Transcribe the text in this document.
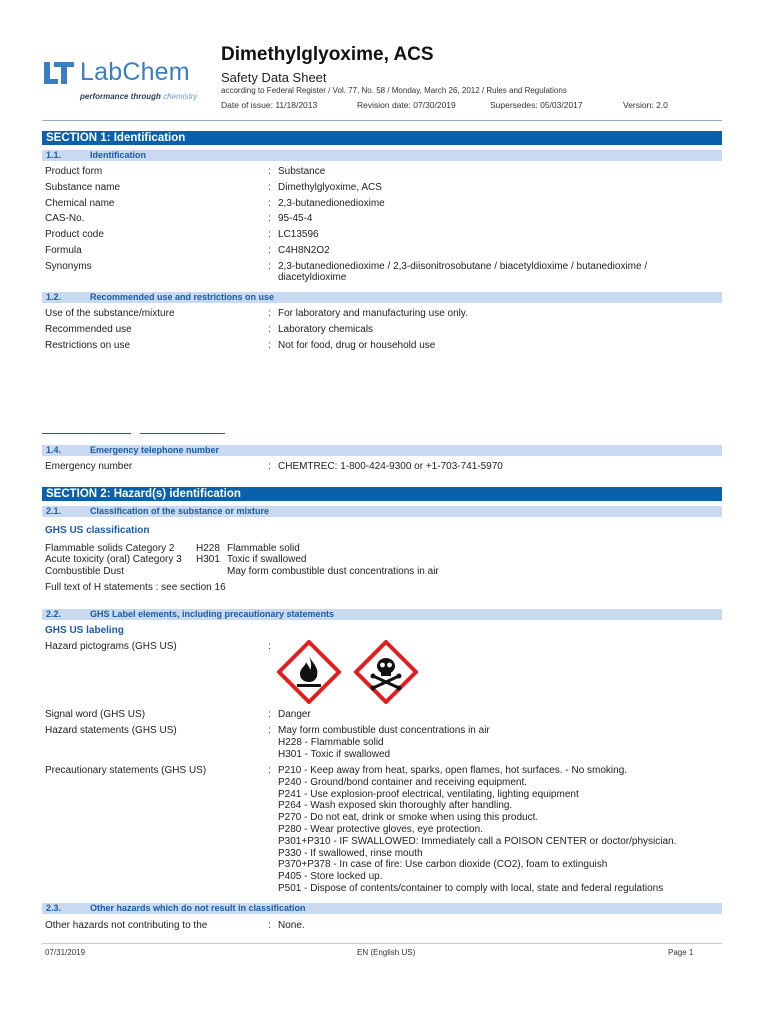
LabChem
performance through chemistry
Dimethylglyoxime, ACS
Safety Data Sheet
according to Federal Register / Vol. 77, No. 58 / Monday, March 26, 2012 / Rules and Regulations
Date of issue: 11/18/2013	Revision date: 07/30/2019	Supersedes: 05/03/2017	Version: 2.0
SECTION 1: Identification
1.1.	Identification
Product form	: Substance
Substance name	: Dimethylglyoxime, ACS
Chemical name	: 2,3-butanedionedioxime
CAS-No.	: 95-45-4
Product code	: LC13596
Formula	: C4H8N2O2
Synonyms	: 2,3-butanedionedioxime / 2,3-diisonitrosobutane / biacetyldioxime / butanedioxime / diacetyldioxime
1.2.	Recommended use and restrictions on use
Use of the substance/mixture	: For laboratory and manufacturing use only.
Recommended use	: Laboratory chemicals
Restrictions on use	: Not for food, drug or household use
1.4.	Emergency telephone number
Emergency number	: CHEMTREC: 1-800-424-9300 or +1-703-741-5970
SECTION 2: Hazard(s) identification
2.1.	Classification of the substance or mixture
GHS US classification
Flammable solids Category 2 H228 Flammable solid
Acute toxicity (oral) Category 3 H301 Toxic if swallowed
Combustible Dust	May form combustible dust concentrations in air
Full text of H statements : see section 16
2.2.	GHS Label elements, including precautionary statements
GHS US labeling
Hazard pictograms (GHS US)	:
Signal word (GHS US)	: Danger
Hazard statements (GHS US)	: May form combustible dust concentrations in air
H228 - Flammable solid
H301 - Toxic if swallowed
Precautionary statements (GHS US)	: P210 - Keep away from heat, sparks, open flames, hot surfaces. - No smoking.
P240 - Ground/bond container and receiving equipment.
P241 - Use explosion-proof electrical, ventilating, lighting equipment
P264 - Wash exposed skin thoroughly after handling.
P270 - Do not eat, drink or smoke when using this product.
P280 - Wear protective gloves, eye protection.
P301+P310 - IF SWALLOWED: Immediately call a POISON CENTER or doctor/physician.
P330 - If swallowed, rinse mouth
P370+P378 - In case of fire: Use carbon dioxide (CO2), foam to extinguish
P405 - Store locked up.
P501 - Dispose of contents/container to comply with local, state and federal regulations
2.3.	Other hazards which do not result in classification
Other hazards not contributing to the	: None.
07/31/2019	EN (English US)	Page 1
